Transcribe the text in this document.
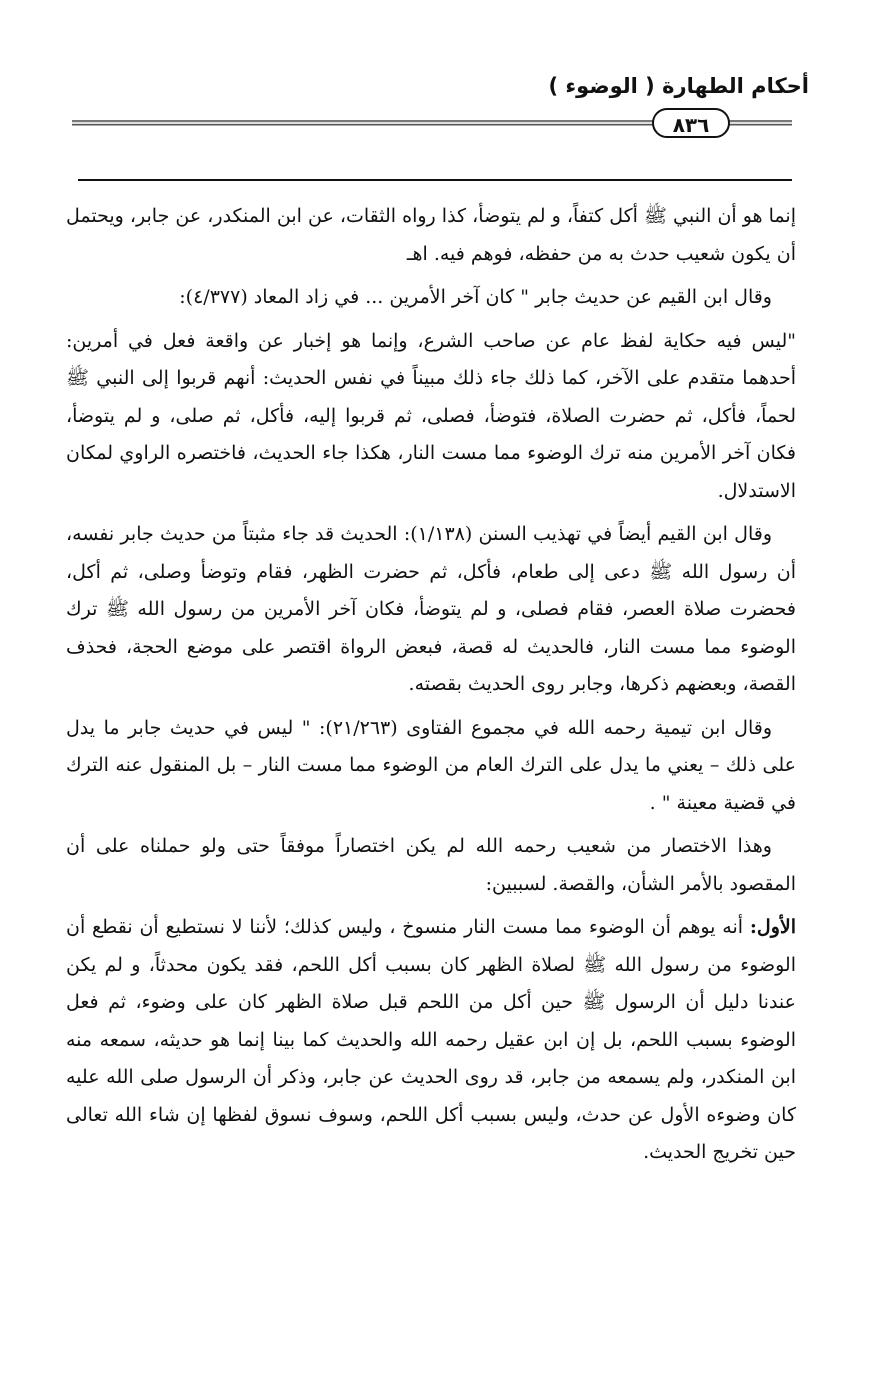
أحكام الطهارة ( الوضوء )
٨٣٦

إنما هو أن النبي ﷺ أكل كتفاً، و لم يتوضأ، كذا رواه الثقات، عن ابن المنكدر، عن جابر، ويحتمل أن يكون شعيب حدث به من حفظه، فوهم فيه. اهـ

وقال ابن القيم عن حديث جابر " كان آخر الأمرين ... في زاد المعاد (٤/٣٧٧):

"ليس فيه حكاية لفظ عام عن صاحب الشرع، وإنما هو إخبار عن واقعة فعل في أمرين: أحدهما متقدم على الآخر، كما ذلك جاء ذلك مبيناً في نفس الحديث: أنهم قربوا إلى النبي ﷺ لحماً، فأكل، ثم حضرت الصلاة، فتوضأ، فصلى، ثم قربوا إليه، فأكل، ثم صلى، و لم يتوضأ، فكان آخر الأمرين منه ترك الوضوء مما مست النار، هكذا جاء الحديث، فاختصره الراوي لمكان الاستدلال.

وقال ابن القيم أيضاً في تهذيب السنن (١/١٣٨): الحديث قد جاء مثبتاً من حديث جابر نفسه، أن رسول الله ﷺ دعى إلى طعام، فأكل، ثم حضرت الظهر، فقام وتوضأ وصلى، ثم أكل، فحضرت صلاة العصر، فقام فصلى، و لم يتوضأ، فكان آخر الأمرين من رسول الله ﷺ ترك الوضوء مما مست النار، فالحديث له قصة، فبعض الرواة اقتصر على موضع الحجة، فحذف القصة، وبعضهم ذكرها، وجابر روى الحديث بقصته.

وقال ابن تيمية رحمه الله في مجموع الفتاوى (٢١/٢٦٣): " ليس في حديث جابر ما يدل على ذلك – يعني ما يدل على الترك العام من الوضوء مما مست النار – بل المنقول عنه الترك في قضية معينة " .

وهذا الاختصار من شعيب رحمه الله لم يكن اختصاراً موفقاً حتى ولو حملناه على أن المقصود بالأمر الشأن، والقصة. لسببين:

الأول: أنه يوهم أن الوضوء مما مست النار منسوخ ، وليس كذلك؛ لأننا لا نستطيع أن نقطع أن الوضوء من رسول الله ﷺ لصلاة الظهر كان بسبب أكل اللحم، فقد يكون محدثاً، و لم يكن عندنا دليل أن الرسول ﷺ حين أكل من اللحم قبل صلاة الظهر كان على وضوء، ثم فعل الوضوء بسبب اللحم، بل إن ابن عقيل رحمه الله والحديث كما بينا إنما هو حديثه، سمعه منه ابن المنكدر، ولم يسمعه من جابر، قد روى الحديث عن جابر، وذكر أن الرسول صلى الله عليه كان وضوءه الأول عن حدث، وليس بسبب أكل اللحم، وسوف نسوق لفظها إن شاء الله تعالى حين تخريج الحديث.
